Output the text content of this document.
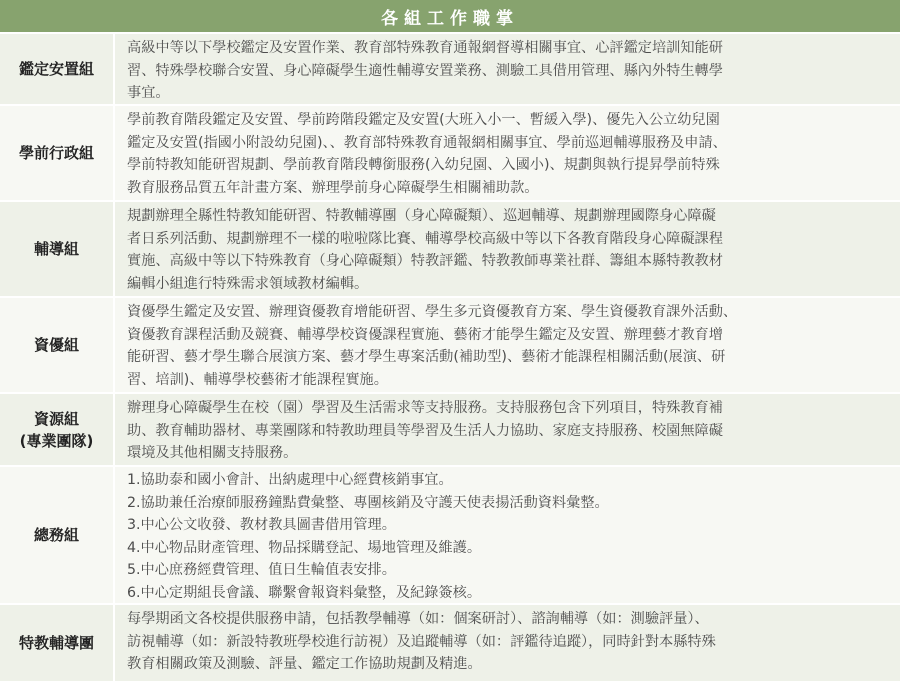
各組工作職掌
鑑定安置組
高級中等以下學校鑑定及安置作業、教育部特殊教育通報網督導相關事宜、心評鑑定培訓知能研
習、特殊學校聯合安置、身心障礙學生適性輔導安置業務、測驗工具借用管理、縣內外特生轉學
事宜。
學前行政組
學前教育階段鑑定及安置、學前跨階段鑑定及安置(大班入小一、暫緩入學)、優先入公立幼兒園
鑑定及安置(指國小附設幼兒園)、、教育部特殊教育通報網相關事宜、學前巡迴輔導服務及申請、
學前特教知能研習規劃、學前教育階段轉銜服務(入幼兒園、入國小)、規劃與執行提昇學前特殊
教育服務品質五年計畫方案、辦理學前身心障礙學生相關補助款。
輔導組
規劃辦理全縣性特教知能研習、特教輔導團（身心障礙類）、巡迴輔導、規劃辦理國際身心障礙
者日系列活動、規劃辦理不一樣的啦啦隊比賽、輔導學校高級中等以下各教育階段身心障礙課程
實施、高級中等以下特殊教育（身心障礙類）特教評鑑、特教教師專業社群、籌組本縣特教教材
編輯小組進行特殊需求領域教材編輯。
資優組
資優學生鑑定及安置、辦理資優教育增能研習、學生多元資優教育方案、學生資優教育課外活動、
資優教育課程活動及競賽、輔導學校資優課程實施、藝術才能學生鑑定及安置、辦理藝才教育增
能研習、藝才學生聯合展演方案、藝才學生專案活動(補助型)、藝術才能課程相關活動(展演、研
習、培訓)、輔導學校藝術才能課程實施。
資源組
(專業團隊)
辦理身心障礙學生在校（園）學習及生活需求等支持服務。支持服務包含下列項目，特殊教育補
助、教育輔助器材、專業團隊和特教助理員等學習及生活人力協助、家庭支持服務、校園無障礙
環境及其他相關支持服務。
總務組
1.協助泰和國小會計、出納處理中心經費核銷事宜。
2.協助兼任治療師服務鐘點費彙整、專團核銷及守護天使表揚活動資料彙整。
3.中心公文收發、教材教具圖書借用管理。
4.中心物品財產管理、物品採購登記、場地管理及維護。
5.中心庶務經費管理、值日生輪值表安排。
6.中心定期組長會議、聯繫會報資料彙整，及紀錄簽核。
特教輔導團
每學期函文各校提供服務申請，包括教學輔導（如：個案研討）、諮詢輔導（如：測驗評量）、
訪視輔導（如：新設特教班學校進行訪視）及追蹤輔導（如：評鑑待追蹤），同時針對本縣特殊
教育相關政策及測驗、評量、鑑定工作協助規劃及精進。
